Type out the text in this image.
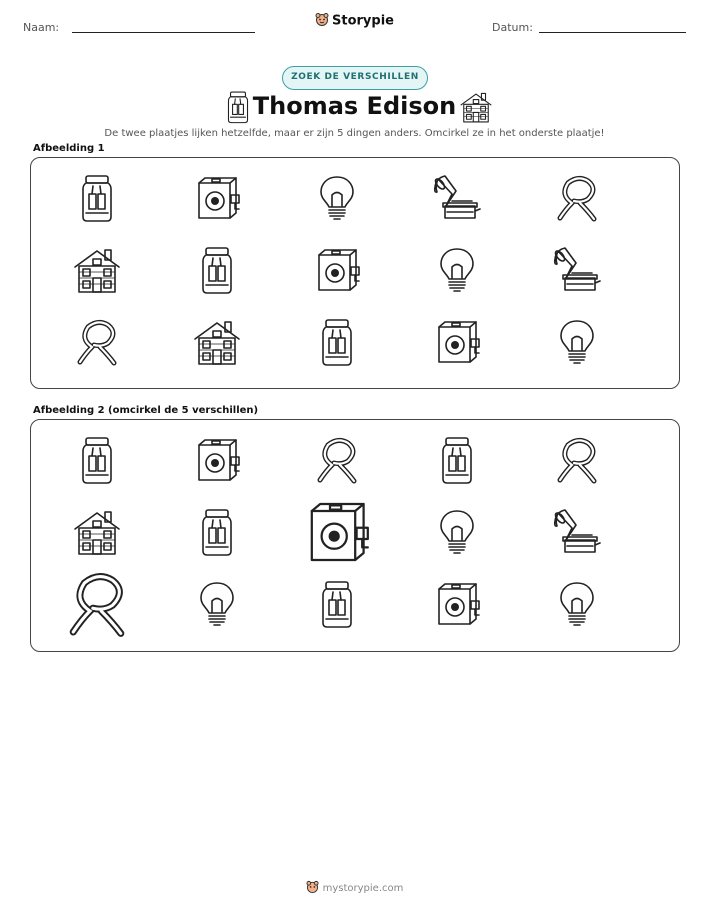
Naam:	Storypie	Datum:
ZOEK DE VERSCHILLEN
Thomas Edison
De twee plaatjes lijken hetzelfde, maar er zijn 5 dingen anders. Omcirkel ze in het onderste plaatje!
Afbeelding 1
Afbeelding 2 (omcirkel de 5 verschillen)
mystorypie.com
